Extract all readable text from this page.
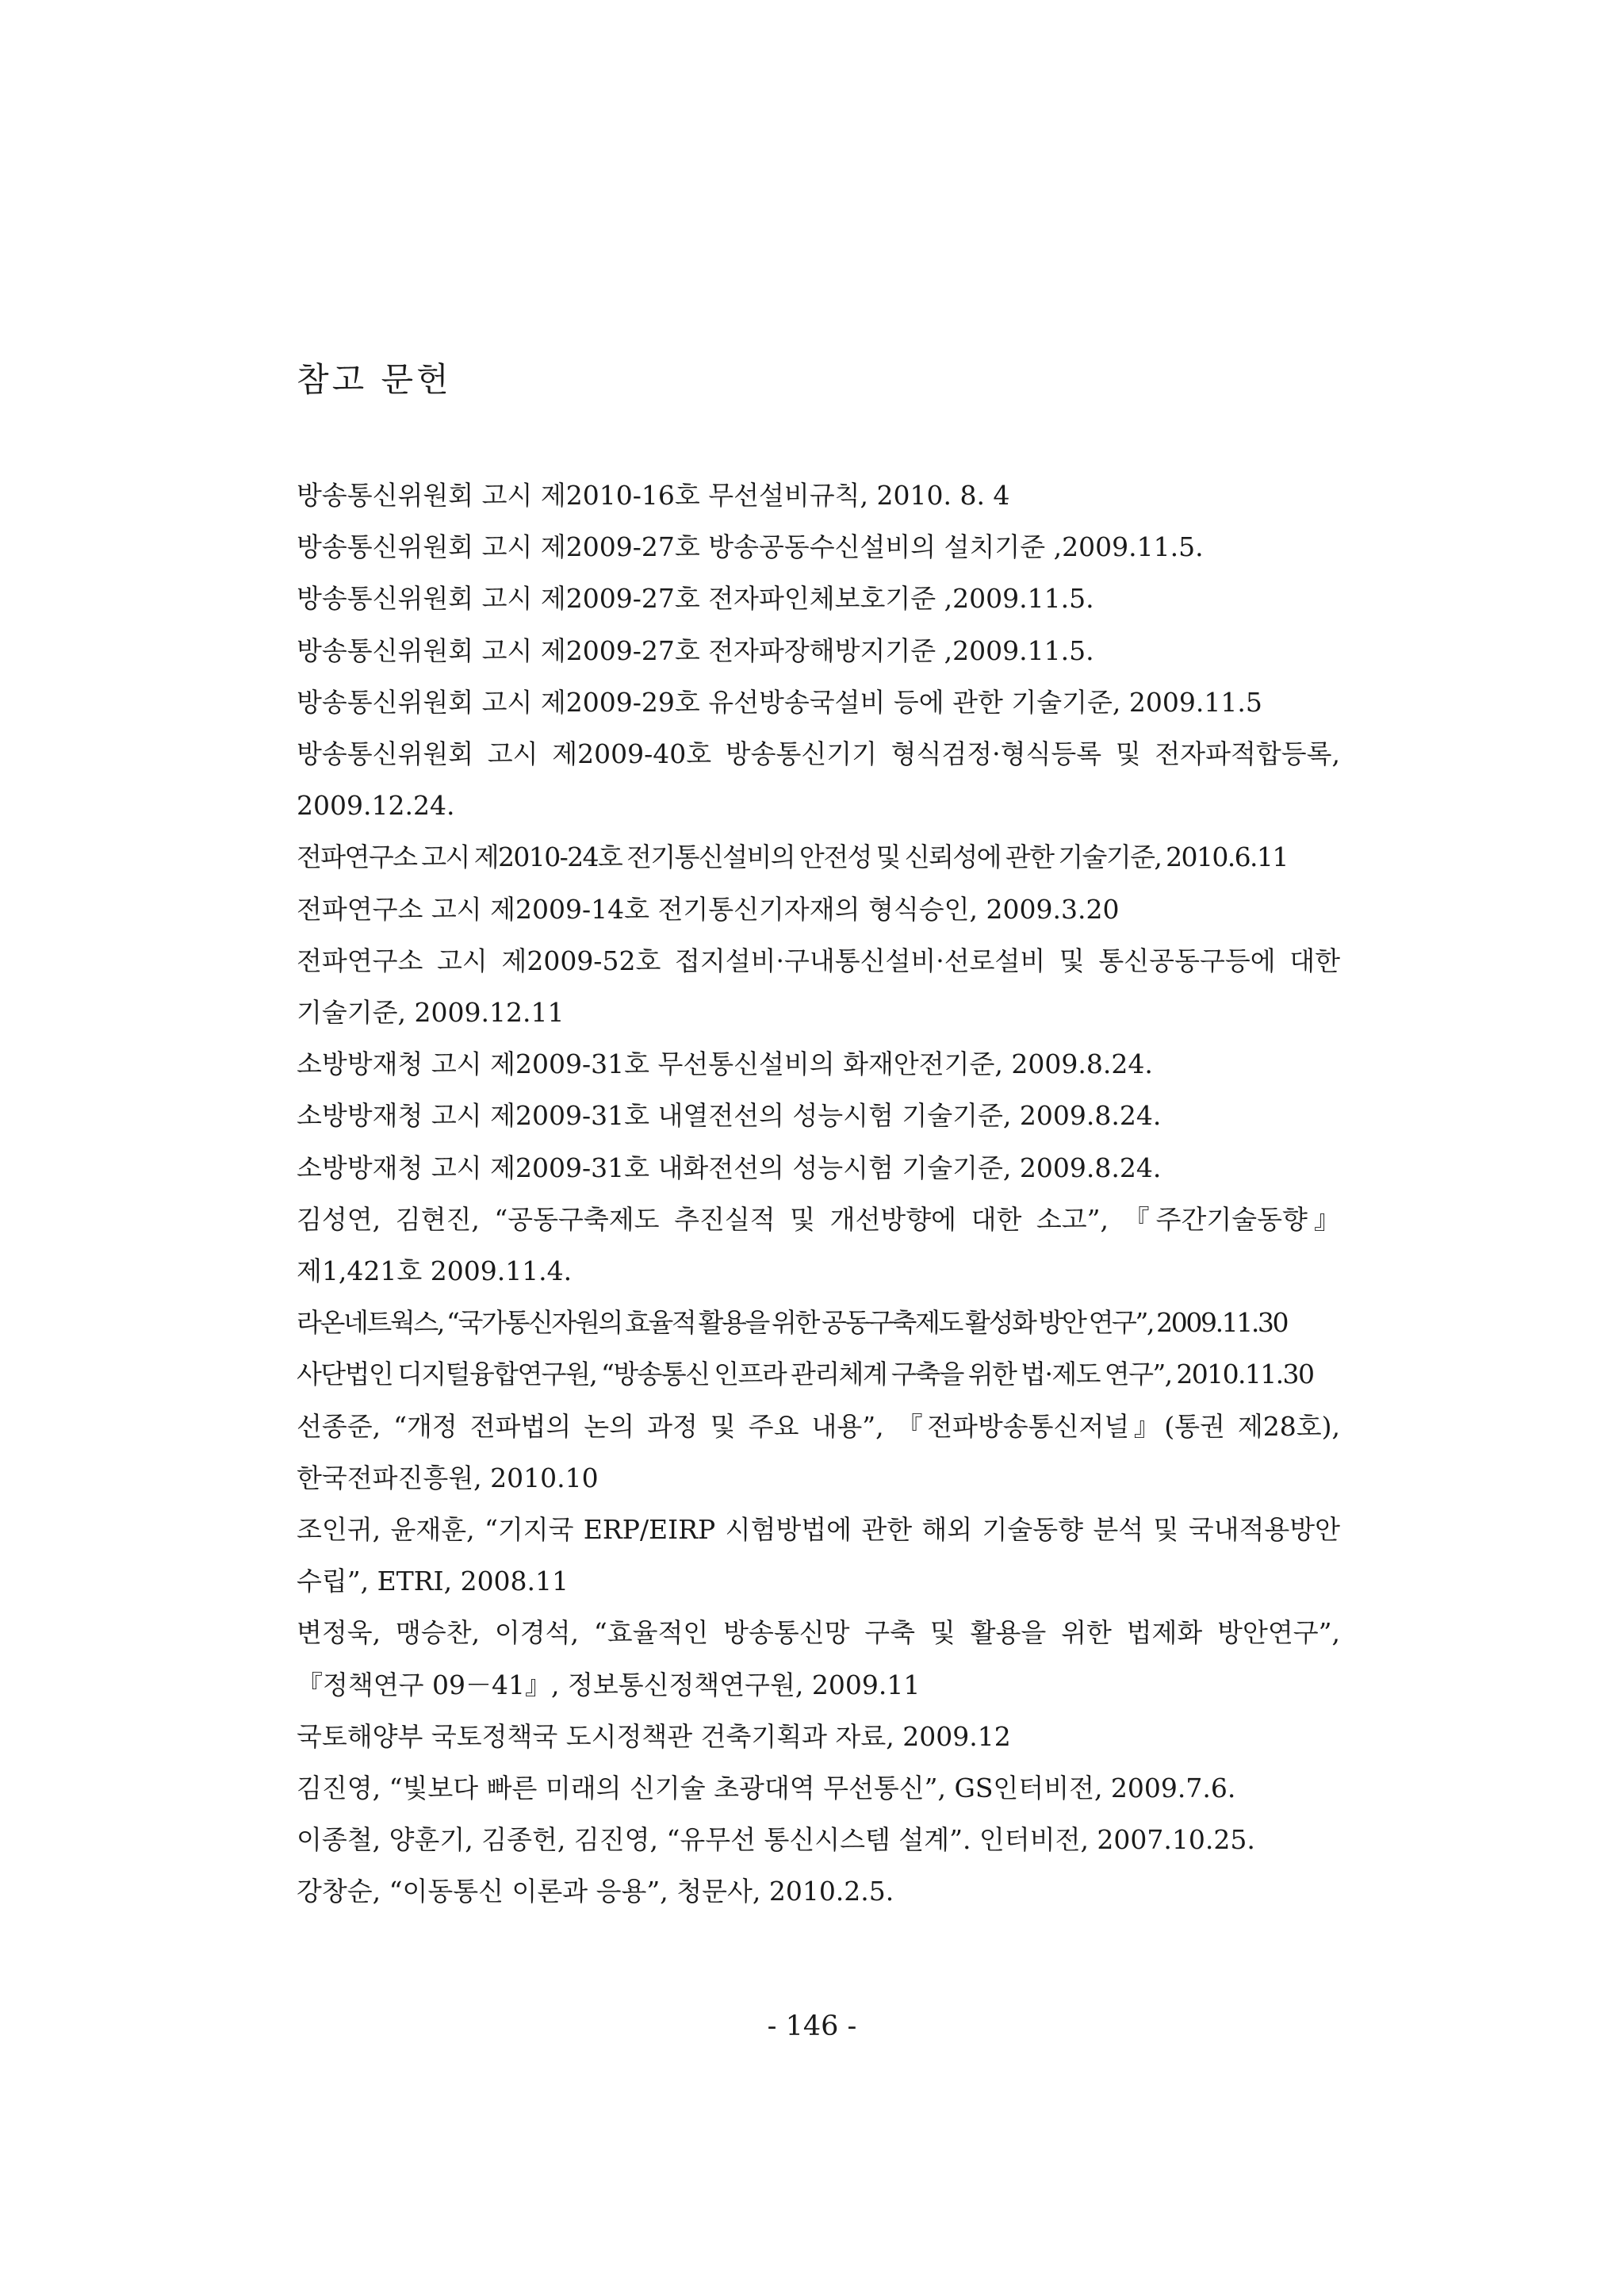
참고 문헌
방송통신위원회 고시 제2010-16호 무선설비규칙, 2010. 8. 4
방송통신위원회 고시 제2009-27호 방송공동수신설비의 설치기준 ,2009.11.5.
방송통신위원회 고시 제2009-27호 전자파인체보호기준 ,2009.11.5.
방송통신위원회 고시 제2009-27호 전자파장해방지기준 ,2009.11.5.
방송통신위원회 고시 제2009-29호 유선방송국설비 등에 관한 기술기준, 2009.11.5
방송통신위원회 고시 제2009-40호 방송통신기기 형식검정·형식등록 및 전자파적합등록, 2009.12.24.
전파연구소 고시 제2010-24호 전기통신설비의 안전성 및 신뢰성에 관한 기술기준, 2010.6.11
전파연구소 고시 제2009-14호 전기통신기자재의 형식승인, 2009.3.20
전파연구소 고시 제2009-52호 접지설비·구내통신설비·선로설비 및 통신공동구등에 대한 기술기준, 2009.12.11
소방방재청 고시 제2009-31호 무선통신설비의 화재안전기준, 2009.8.24.
소방방재청 고시 제2009-31호 내열전선의 성능시험 기술기준, 2009.8.24.
소방방재청 고시 제2009-31호 내화전선의 성능시험 기술기준, 2009.8.24.
김성연, 김현진, “공동구축제도 추진실적 및 개선방향에 대한 소고”, 『주간기술동향』 제1,421호 2009.11.4.
라온네트웍스, “국가통신자원의 효율적 활용을 위한 공동구축제도 활성화 방안 연구”, 2009.11.30
사단법인 디지털융합연구원, “방송통신 인프라 관리체계 구축을 위한 법·제도 연구”, 2010.11.30
선종준, “개정 전파법의 논의 과정 및 주요 내용”, 『전파방송통신저널』(통권 제28호), 한국전파진흥원, 2010.10
조인귀, 윤재훈, “기지국 ERP/EIRP 시험방법에 관한 해외 기술동향 분석 및 국내적용방안 수립”, ETRI, 2008.11
변정욱, 맹승찬, 이경석, “효율적인 방송통신망 구축 및 활용을 위한 법제화 방안연구”, 『정책연구 09－41』, 정보통신정책연구원, 2009.11
국토해양부 국토정책국 도시정책관 건축기획과 자료, 2009.12
김진영, “빛보다 빠른 미래의 신기술 초광대역 무선통신”, GS인터비전, 2009.7.6.
이종철, 양훈기, 김종헌, 김진영, “유무선 통신시스템 설계”. 인터비전, 2007.10.25.
강창순, “이동통신 이론과 응용”, 청문사, 2010.2.5.
- 146 -
